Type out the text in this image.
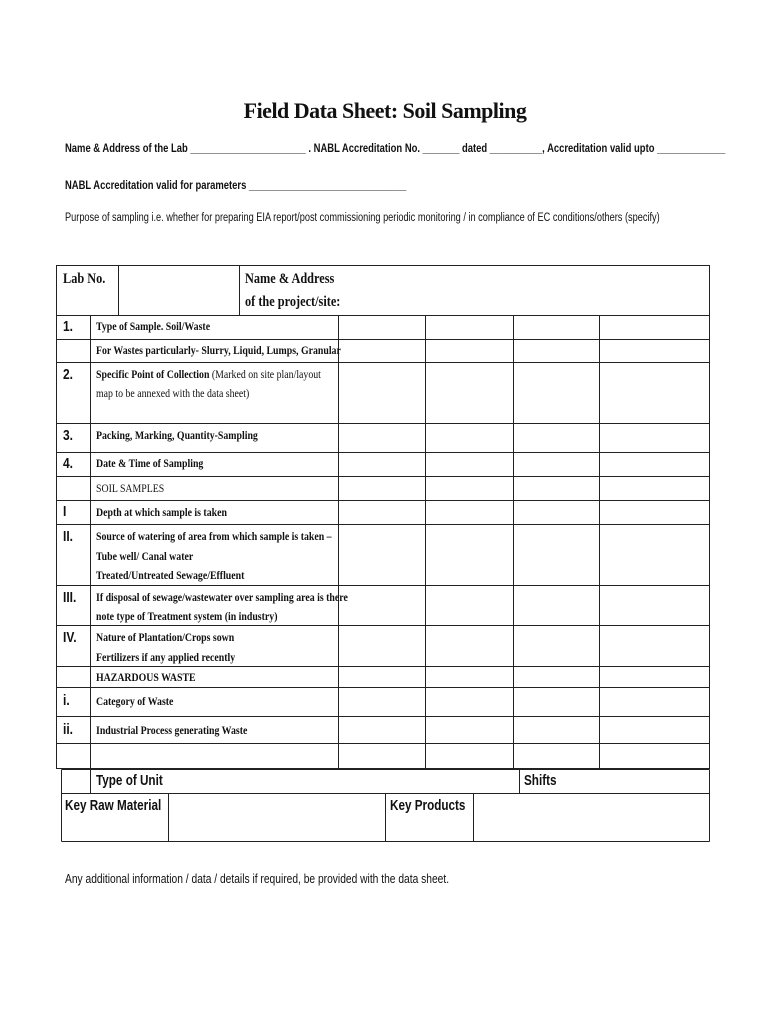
Field Data Sheet: Soil Sampling
Name & Address of the Lab ______________________ . NABL Accreditation No. _______ dated __________, Accreditation valid upto _____________
NABL Accreditation valid for parameters ______________________________
Purpose of sampling i.e. whether for preparing EIA report/post commissioning periodic monitoring / in compliance of EC conditions/others (specify)
Lab No.	Name & Address
of the project/site:
1. Type of Sample. Soil/Waste
For Wastes particularly- Slurry, Liquid, Lumps, Granular
2. Specific Point of Collection (Marked on site plan/layout
map to be annexed with the data sheet)
3. Packing, Marking, Quantity-Sampling
4. Date & Time of Sampling
SOIL SAMPLES
I Depth at which sample is taken
II. Source of watering of area from which sample is taken –
Tube well/ Canal water
Treated/Untreated Sewage/Effluent
III. If disposal of sewage/wastewater over sampling area is there
note type of Treatment system (in industry)
IV. Nature of Plantation/Crops sown
Fertilizers if any applied recently
HAZARDOUS WASTE
i. Category of Waste
ii. Industrial Process generating Waste
Type of Unit	Shifts
Key Raw Material	Key Products
Any additional information / data / details if required, be provided with the data sheet.
